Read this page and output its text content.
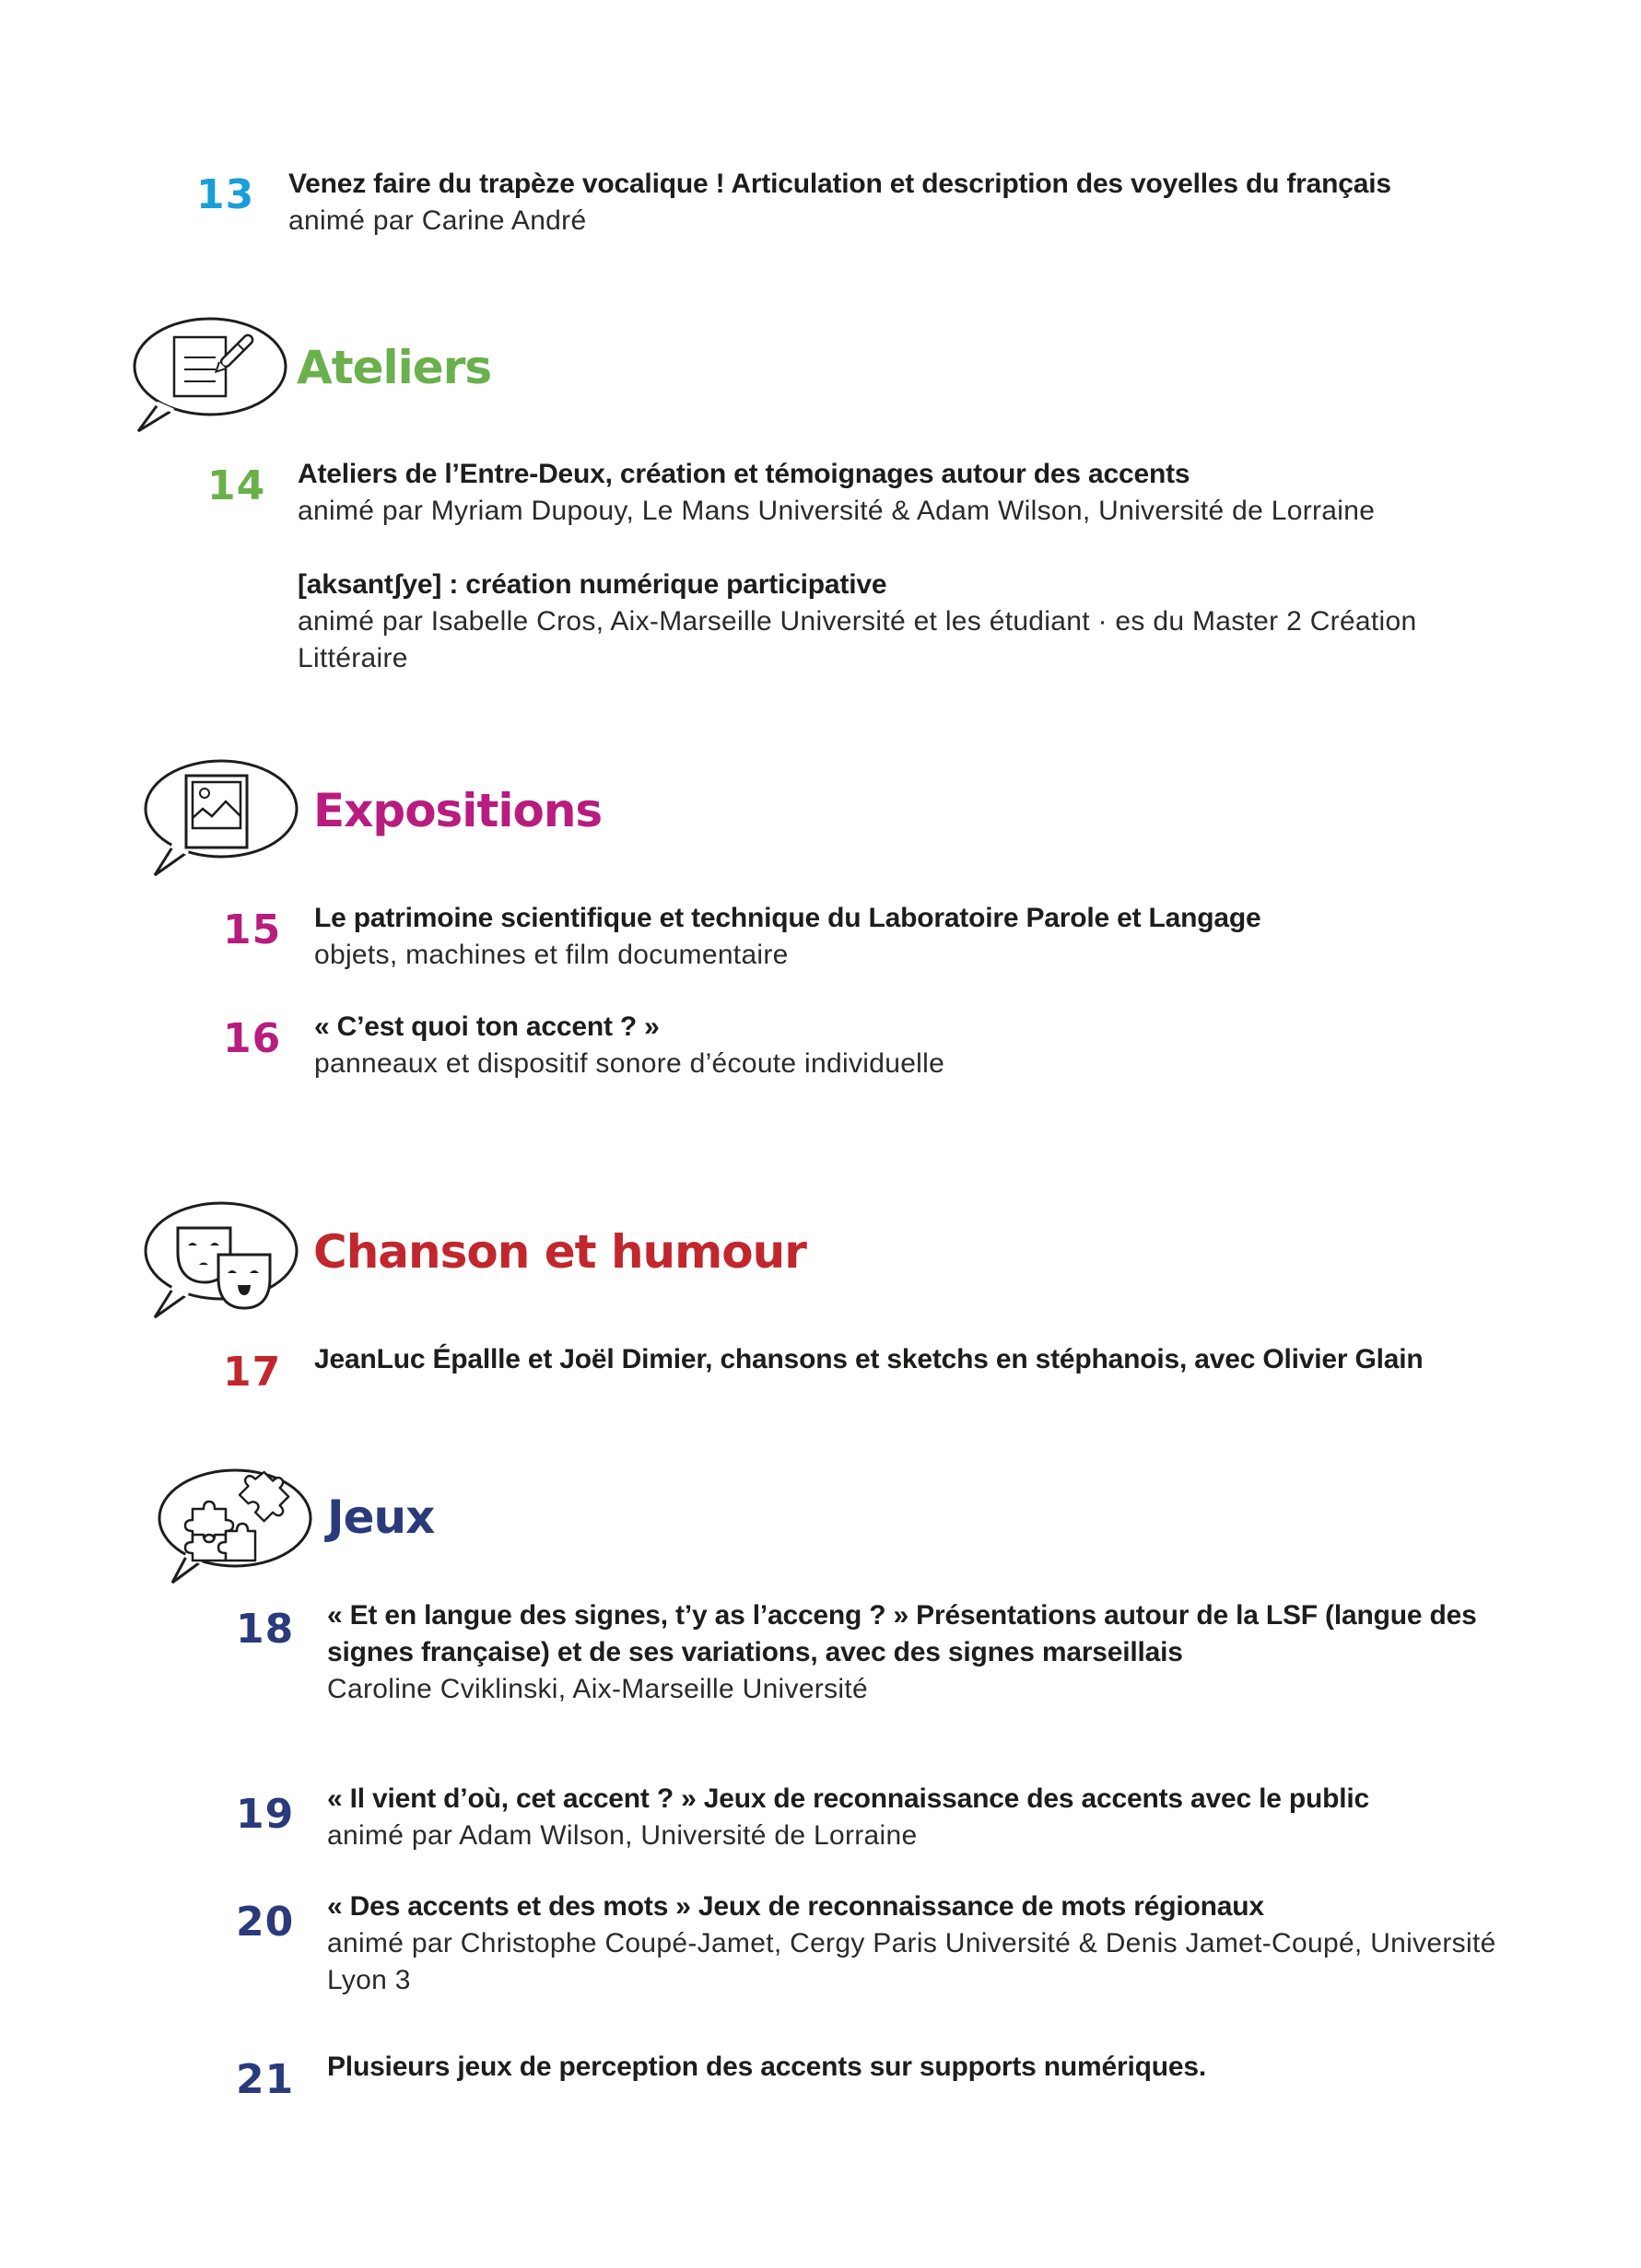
13 Venez faire du trapèze vocalique ! Articulation et description des voyelles du français
animé par Carine André
Ateliers
14 Ateliers de l’Entre-Deux, création et témoignages autour des accents
animé par Myriam Dupouy, Le Mans Université & Adam Wilson, Université de Lorraine
[aksantʃye] : création numérique participative
animé par Isabelle Cros, Aix-Marseille Université et les étudiant · es du Master 2 Création
Littéraire
Expositions
15 Le patrimoine scientifique et technique du Laboratoire Parole et Langage
objets, machines et film documentaire
16 « C’est quoi ton accent ? »
panneaux et dispositif sonore d’écoute individuelle
Chanson et humour
17 JeanLuc Épallle et Joël Dimier, chansons et sketchs en stéphanois, avec Olivier Glain
Jeux
18 « Et en langue des signes, t’y as l’acceng ? » Présentations autour de la LSF (langue des
signes française) et de ses variations, avec des signes marseillais
Caroline Cviklinski, Aix-Marseille Université
19 « Il vient d’où, cet accent ? » Jeux de reconnaissance des accents avec le public
animé par Adam Wilson, Université de Lorraine
20 « Des accents et des mots » Jeux de reconnaissance de mots régionaux
animé par Christophe Coupé-Jamet, Cergy Paris Université & Denis Jamet-Coupé, Université
Lyon 3
21 Plusieurs jeux de perception des accents sur supports numériques.
